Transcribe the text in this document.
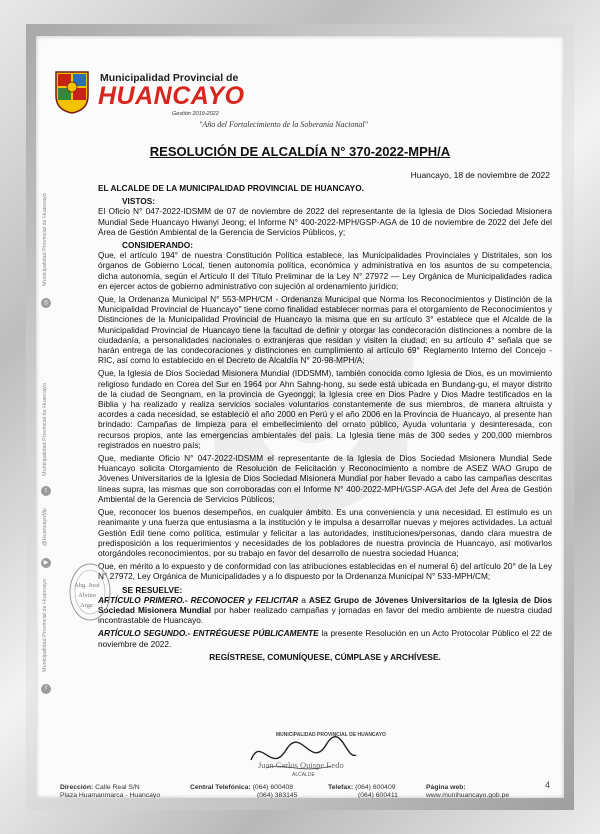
Municipalidad Provincial de
HUANCAYO
Gestión 2019-2022
"Año del Fortalecimiento de la Soberanía Nacional"
Municipalidad Provincial de Huancayo
◎
Municipalidad Provincial de Huancayo
t
@HuancayoMp
▶
Municipalidad Provincial de Huancayo
f
RESOLUCIÓN DE ALCALDÍA N° 370-2022-MPH/A
Huancayo, 18 de noviembre de 2022

EL ALCALDE DE LA MUNICIPALIDAD PROVINCIAL DE HUANCAYO.

VISTOS:

El Oficio N° 047-2022-IDSMM de 07 de noviembre de 2022 del representante de la Iglesia de Dios Sociedad Misionera Mundial Sede Huancayo Hwanyi Jeong; el Informe N° 400-2022-MPH/GSP-AGA de 10 de noviembre de 2022 del Jefe del Área de Gestión Ambiental de la Gerencia de Servicios Públicos, y;

CONSIDERANDO:

Que, el artículo 194° de nuestra Constitución Política establece, las Municipalidades Provinciales y Distritales, son los órganos de Gobierno Local, tienen autonomía política, económica y administrativa en los asuntos de su competencia, dicha autonomía, según el Artículo II del Título Preliminar de la Ley N° 27972 — Ley Orgánica de Municipalidades radica en ejercer actos de gobierno administrativo con sujeción al ordenamiento jurídico;

Que, la Ordenanza Municipal N° 553-MPH/CM - Ordenanza Municipal que Norma los Reconocimientos y Distinción de la Municipalidad Provincial de Huancayo" tiene como finalidad establecer normas para el otorgamiento de Reconocimientos y Distinciones de la Municipalidad Provincial de Huancayo la misma que en su artículo 3° establece que el Alcalde de la Municipalidad Provincial de Huancayo tiene la facultad de definir y otorgar las condecoración distinciones a nombre de la ciudadanía, a personalidades nacionales o extranjeras que residan y visiten la ciudad; en su artículo 4° señala que se harán entrega de las condecoraciones y distinciones en cumplimiento al artículo 69° Reglamento Interno del Concejo - RIC, así como lo establecido en el Decreto de Alcaldía N° 20-98-MPH/A;

Que, la Iglesia de Dios Sociedad Misionera Mundial (IDDSMM), también conocida como Iglesia de Dios, es un movimiento religioso fundado en Corea del Sur en 1964 por Ahn Sahng-hong, su sede está ubicada en Bundang-gu, el mayor distrito de la ciudad de Seongnam, en la provincia de Gyeonggi; la Iglesia cree en Dios Padre y Dios Madre testificados en la Biblia y ha realizado y realiza servicios sociales voluntarios constantemente de sus miembros, de manera altruista y acordes a cada necesidad, se estableció el año 2000 en Perú y el año 2006 en la Provincia de Huancayo, al presente han brindado: Campañas de limpieza para el embellecimiento del ornato público, Ayuda voluntaria y desinteresada, con recursos propios, ante las emergencias ambientales del país. La Iglesia tiene más de 300 sedes y 200,000 miembros registrados en nuestro país;

Que, mediante Oficio N° 047-2022-IDSMM el representante de la Iglesia de Dios Sociedad Misionera Mundial Sede Huancayo solicita Otorgamiento de Resolución de Felicitación y Reconocimiento a nombre de ASEZ WAO Grupo de Jóvenes Universitarios de la Iglesia de Dios Sociedad Misionera Mundial por haber llevado a cabo las campañas descritas líneas supra, las mismas que son corroboradas con el Informe N° 400-2022-MPH/GSP-AGA del Jefe del Área de Gestión Ambiental de la Gerencia de Servicios Públicos;

Que, reconocer los buenos desempeños, en cualquier ámbito. Es una conveniencia y una necesidad. El estímulo es un reanimante y una fuerza que entusiasma a la institución y le impulsa a desarrollar nuevas y mejores actividades. La actual Gestión Edil tiene como política, estimular y felicitar a las autoridades, instituciones/personas, dando clara muestra de predisposición a los requerimientos y necesidades de los pobladores de nuestra provincia de Huancayo, así motivarlos otorgándoles reconocimientos, por su trabajo en favor del desarrollo de nuestra sociedad Huanca;

Que, en mérito a lo expuesto y de conformidad con las atribuciones establecidas en el numeral 6) del artículo 20° de la Ley N° 27972, Ley Orgánica de Municipalidades y a lo dispuesto por la Ordenanza Municipal N° 533-MPH/CM;

SE RESUELVE:

ARTÍCULO PRIMERO.- RECONOCER y FELICITAR a ASEZ Grupo de Jóvenes Universitarios de la Iglesia de Dios Sociedad Misionera Mundial por haber realizado campañas y jornadas en favor del medio ambiente de nuestra ciudad incontrastable de Huancayo.

ARTÍCULO SEGUNDO.- ENTRÉGUESE PÚBLICAMENTE la presente Resolución en un Acto Protocolar Público el 22 de noviembre de 2022.

REGÍSTRESE, COMUNÍQUESE, CÚMPLASE y ARCHÍVESE.

Abg. José
Alvino
Arge
MUNICIPALIDAD PROVINCIAL DE HUANCAYO
Juan Carlos Quispe Ledo
ALCALDE
4
Dirección: Calle Real S/N
Plaza Huamanmarca - Huancayo
Central Telefónica: (064) 600408
(064) 383145
Telefax: (064) 600409
(064) 600411
Página web:
www.munihuancayo.gob.pe
